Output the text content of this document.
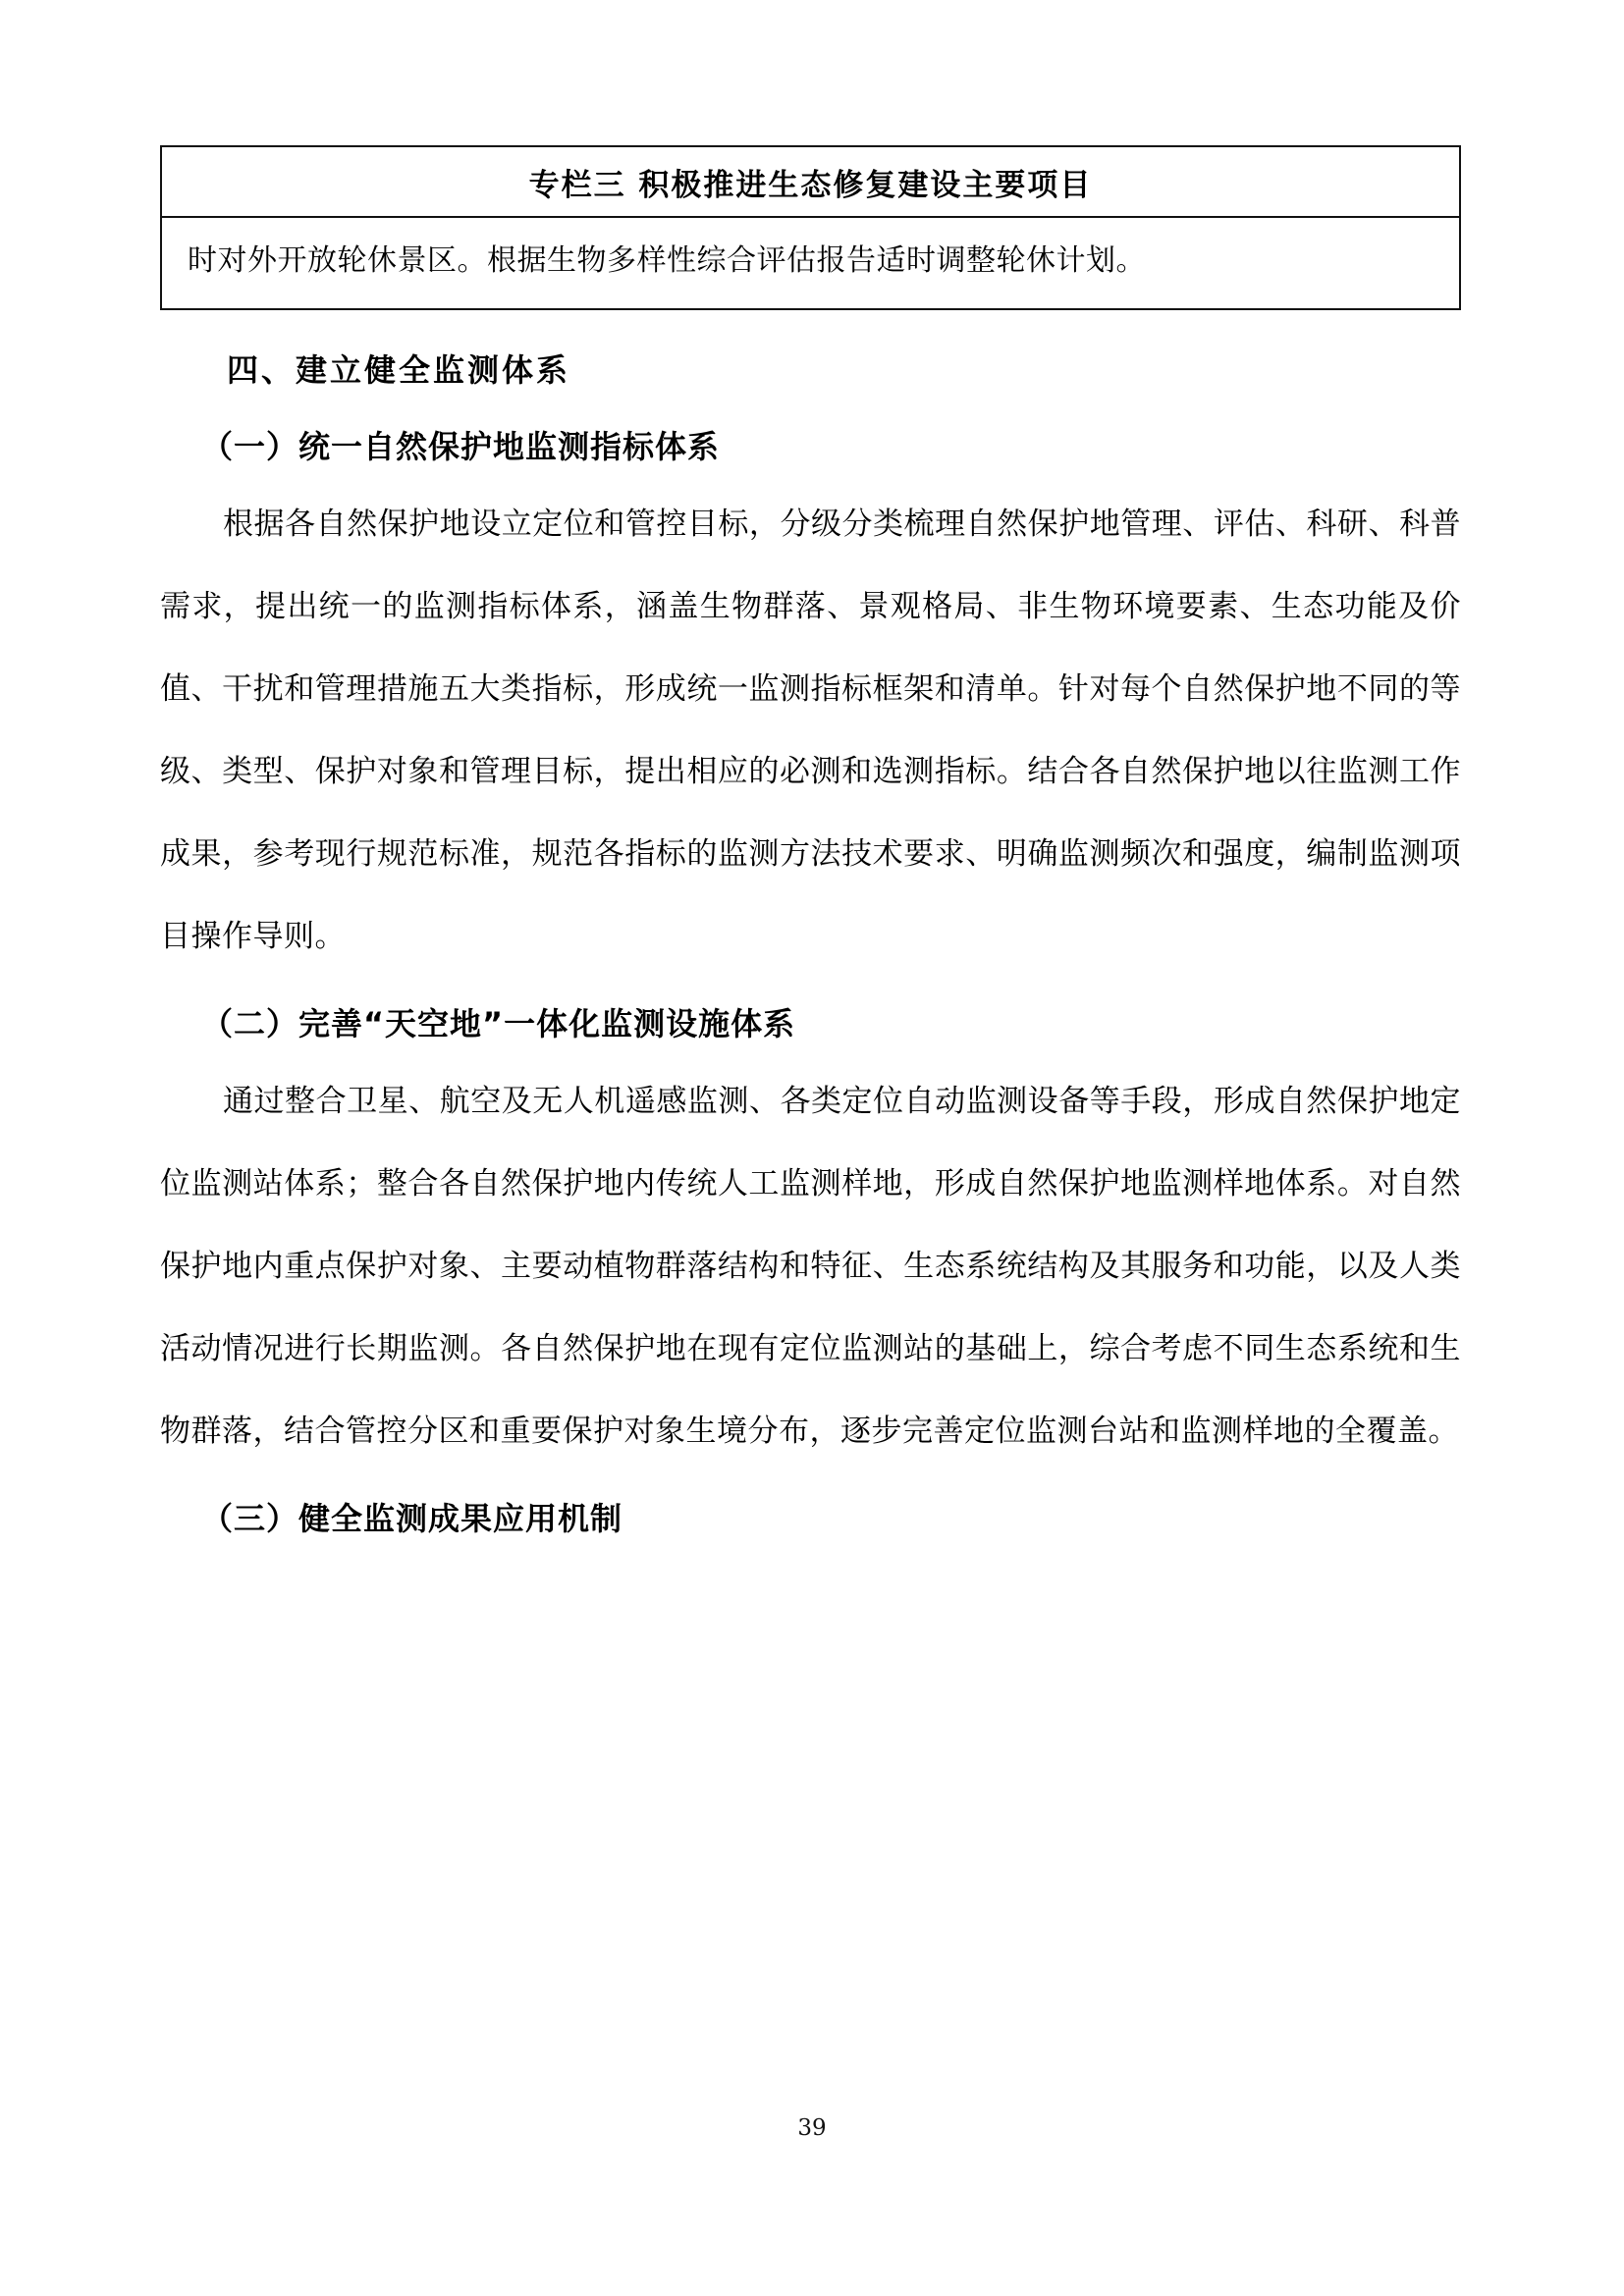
专栏三 积极推进生态修复建设主要项目

时对外开放轮休景区。根据生物多样性综合评估报告适时调整轮休计划。

四、建立健全监测体系
（一）统一自然保护地监测指标体系

根据各自然保护地设立定位和管控目标，分级分类梳理自然保护地管理、评估、科研、科普需求，提出统一的监测指标体系，涵盖生物群落、景观格局、非生物环境要素、生态功能及价值、干扰和管理措施五大类指标，形成统一监测指标框架和清单。针对每个自然保护地不同的等级、类型、保护对象和管理目标，提出相应的必测和选测指标。结合各自然保护地以往监测工作成果，参考现行规范标准，规范各指标的监测方法技术要求、明确监测频次和强度，编制监测项目操作导则。

（二）完善“天空地”一体化监测设施体系

通过整合卫星、航空及无人机遥感监测、各类定位自动监测设备等手段，形成自然保护地定位监测站体系；整合各自然保护地内传统人工监测样地，形成自然保护地监测样地体系。对自然保护地内重点保护对象、主要动植物群落结构和特征、生态系统结构及其服务和功能，以及人类活动情况进行长期监测。各自然保护地在现有定位监测站的基础上，综合考虑不同生态系统和生物群落，结合管控分区和重要保护对象生境分布，逐步完善定位监测台站和监测样地的全覆盖。

（三）健全监测成果应用机制
39
